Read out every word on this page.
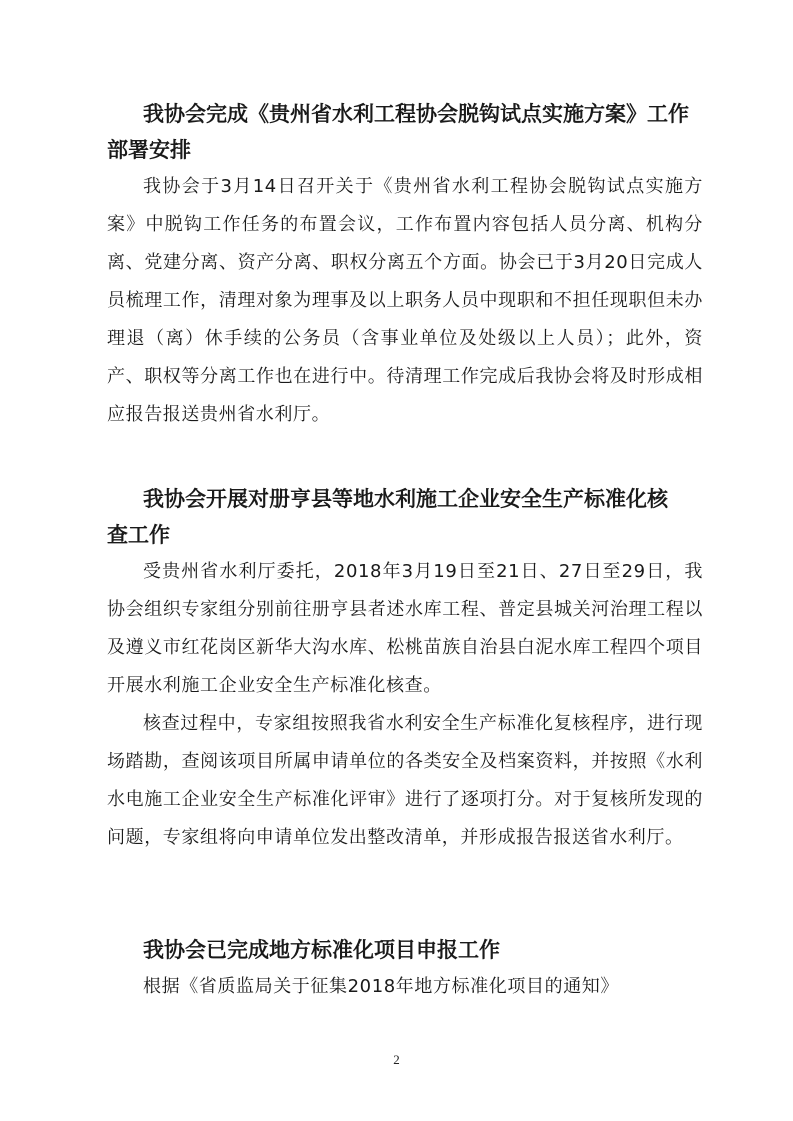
我协会完成《贵州省水利工程协会脱钩试点实施方案》工作
部署安排

我协会于3月14日召开关于《贵州省水利工程协会脱钩试点实施方案》中脱钩工作任务的布置会议，工作布置内容包括人员分离、机构分离、党建分离、资产分离、职权分离五个方面。协会已于3月20日完成人员梳理工作，清理对象为理事及以上职务人员中现职和不担任现职但未办理退（离）休手续的公务员（含事业单位及处级以上人员）；此外，资产、职权等分离工作也在进行中。待清理工作完成后我协会将及时形成相应报告报送贵州省水利厅。

我协会开展对册亨县等地水利施工企业安全生产标准化核
查工作

受贵州省水利厅委托，2018年3月19日至21日、27日至29日，我协会组织专家组分别前往册亨县者述水库工程、普定县城关河治理工程以及遵义市红花岗区新华大沟水库、松桃苗族自治县白泥水库工程四个项目开展水利施工企业安全生产标准化核查。

核查过程中，专家组按照我省水利安全生产标准化复核程序，进行现场踏勘，查阅该项目所属申请单位的各类安全及档案资料，并按照《水利水电施工企业安全生产标准化评审》进行了逐项打分。对于复核所发现的问题，专家组将向申请单位发出整改清单，并形成报告报送省水利厅。

我协会已完成地方标准化项目申报工作

根据《省质监局关于征集2018年地方标准化项目的通知》

2
